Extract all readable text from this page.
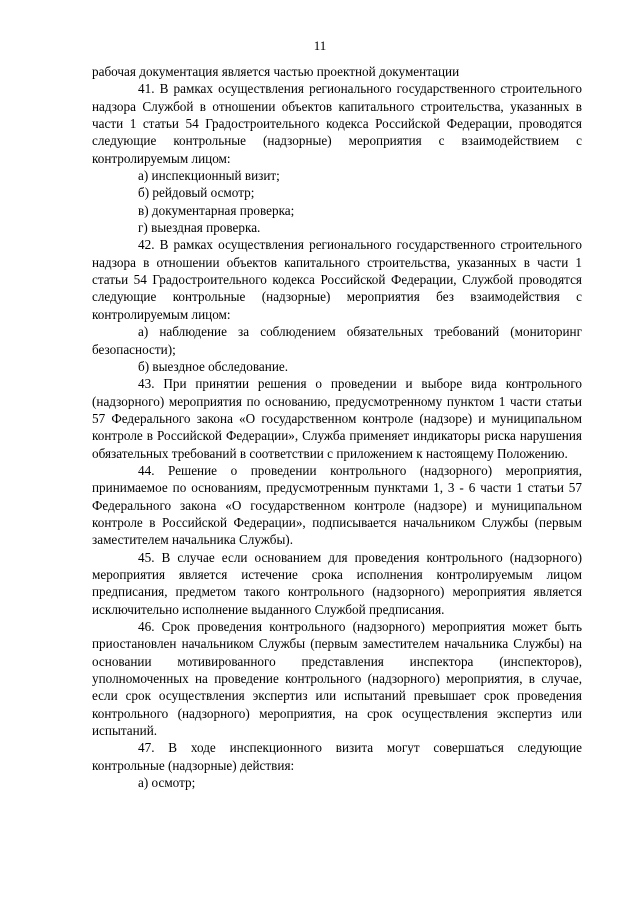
11

рабочая документация является частью проектной документации

41. В рамках осуществления регионального государственного строительного надзора Службой в отношении объектов капитального строительства, указанных в части 1 статьи 54 Градостроительного кодекса Российской Федерации, проводятся следующие контрольные (надзорные) мероприятия с взаимодействием с контролируемым лицом:

а) инспекционный визит;

б) рейдовый осмотр;

в) документарная проверка;

г) выездная проверка.

42. В рамках осуществления регионального государственного строительного надзора в отношении объектов капитального строительства, указанных в части 1 статьи 54 Градостроительного кодекса Российской Федерации, Службой проводятся следующие контрольные (надзорные) мероприятия без взаимодействия с контролируемым лицом:

а) наблюдение за соблюдением обязательных требований (мониторинг безопасности);

б) выездное обследование.

43. При принятии решения о проведении и выборе вида контрольного (надзорного) мероприятия по основанию, предусмотренному пунктом 1 части статьи 57 Федерального закона «О государственном контроле (надзоре) и муниципальном контроле в Российской Федерации», Служба применяет индикаторы риска нарушения обязательных требований в соответствии с приложением к настоящему Положению.

44. Решение о проведении контрольного (надзорного) мероприятия, принимаемое по основаниям, предусмотренным пунктами 1, 3 - 6 части 1 статьи 57 Федерального закона «О государственном контроле (надзоре) и муниципальном контроле в Российской Федерации», подписывается начальником Службы (первым заместителем начальника Службы).

45. В случае если основанием для проведения контрольного (надзорного) мероприятия является истечение срока исполнения контролируемым лицом предписания, предметом такого контрольного (надзорного) мероприятия является исключительно исполнение выданного Службой предписания.

46. Срок проведения контрольного (надзорного) мероприятия может быть приостановлен начальником Службы (первым заместителем начальника Службы) на основании мотивированного представления инспектора (инспекторов), уполномоченных на проведение контрольного (надзорного) мероприятия, в случае, если срок осуществления экспертиз или испытаний превышает срок проведения контрольного (надзорного) мероприятия, на срок осуществления экспертиз или испытаний.

47. В ходе инспекционного визита могут совершаться следующие контрольные (надзорные) действия:

а) осмотр;
